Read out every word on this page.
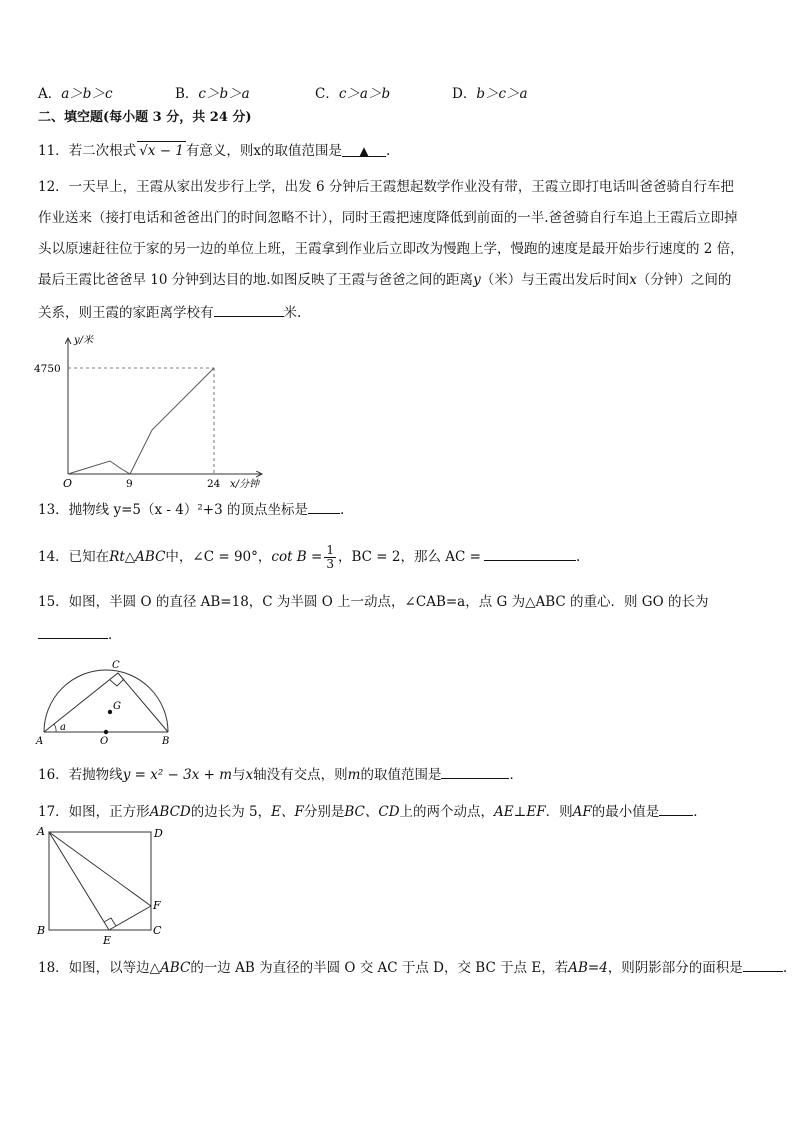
A．a＞b＞c	B．c＞b＞a	C．c＞a＞b	D．b＞c＞a
二、填空题(每小题 3 分，共 24 分)
11．若二次根式 √x − 1 有意义，则x的取值范围是 ▲ .
12．一天早上，王霞从家出发步行上学，出发 6 分钟后王霞想起数学作业没有带，王霞立即打电话叫爸爸骑自行车把
作业送来（接打电话和爸爸出门的时间忽略不计），同时王霞把速度降低到前面的一半.爸爸骑自行车追上王霞后立即掉
头以原速赶往位于家的另一边的单位上班，王霞拿到作业后立即改为慢跑上学，慢跑的速度是最开始步行速度的 2 倍，
最后王霞比爸爸早 10 分钟到达目的地.如图反映了王霞与爸爸之间的距离y（米）与王霞出发后时间x（分钟）之间的
关系，则王霞的家距离学校有	米.
y/米
4750
O	9	24 x/分钟
13．抛物线 y=5（x - 4）²+3 的顶点坐标是 .
14．已知在Rt△ABC中，∠C = 90°，$\cot B = \frac{1}{3}$ ，BC = 2，那么 AC =	.
15．如图，半圆 O 的直径 AB=18，C 为半圆 O 上一动点，∠CAB=a，点 G 为△ABC 的重心．则 GO 的长为
．
C
G
A	O	B
a
16．若抛物线y = x² − 3x + m与x轴没有交点，则m的取值范围是	．
17．如图，正方形ABCD的边长为 5，E、F分别是BC、CD上的两个动点，AE⊥EF．则AF的最小值是	．
A	D
B	C
E
F
18．如图，以等边△ABC的一边 AB 为直径的半圆 O 交 AC 于点 D，交 BC 于点 E，若AB=4，则阴影部分的面积是	.
